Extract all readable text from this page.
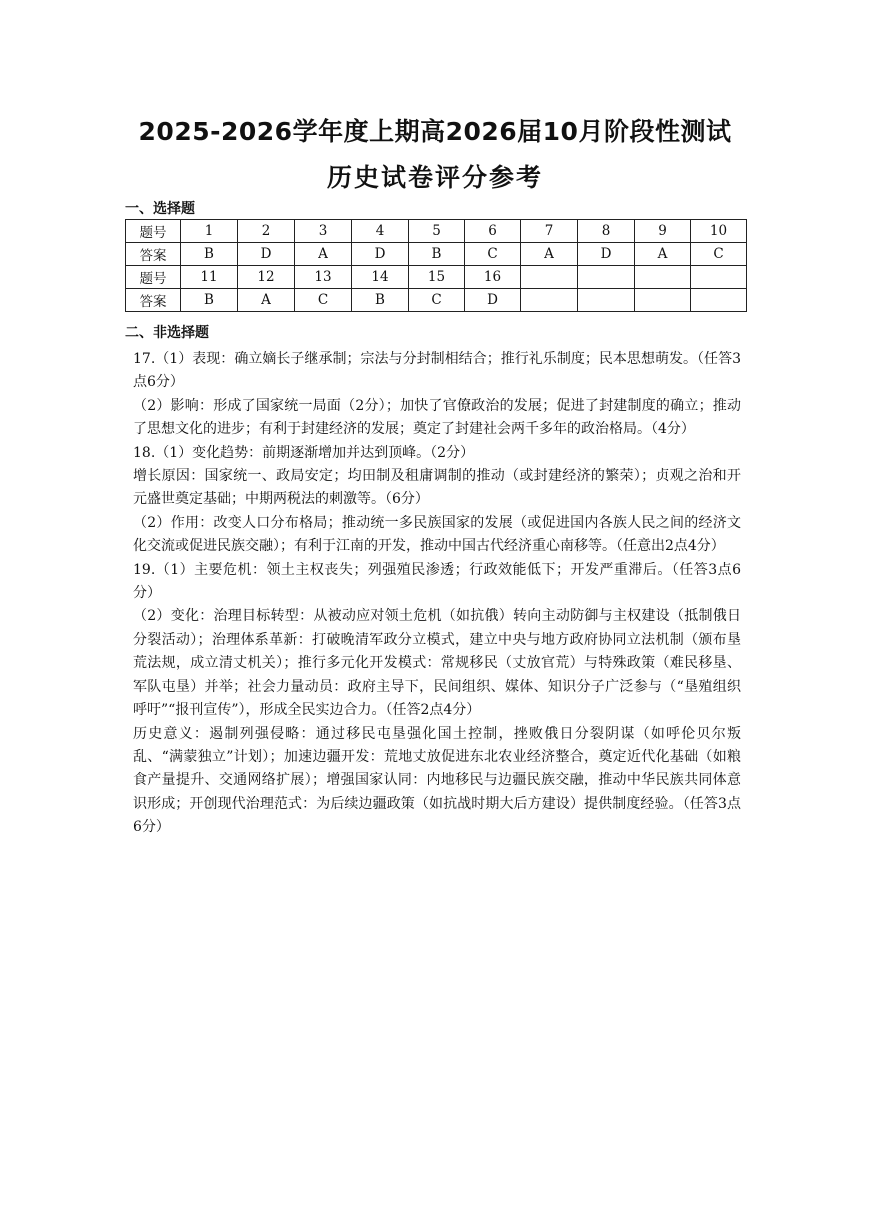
2025-2026学年度上期高2026届10月阶段性测试
历史试卷评分参考
一、选择题
题号	1	2	3	4	5	6	7	8	9	10
答案	B	D	A	D	B	C	A	D	A	C
题号	11	12	13	14	15	16				
答案	B	A	C	B	C	D				
二、非选择题

17.（1）表现：确立嫡长子继承制；宗法与分封制相结合；推行礼乐制度；民本思想萌发。（任答3点6分）

（2）影响：形成了国家统一局面（2分）；加快了官僚政治的发展；促进了封建制度的确立；推动了思想文化的进步；有利于封建经济的发展；奠定了封建社会两千多年的政治格局。（4分）

18.（1）变化趋势：前期逐渐增加并达到顶峰。（2分）

增长原因：国家统一、政局安定；均田制及租庸调制的推动（或封建经济的繁荣）；贞观之治和开元盛世奠定基础；中期两税法的刺激等。（6分）

（2）作用：改变人口分布格局；推动统一多民族国家的发展（或促进国内各族人民之间的经济文化交流或促进民族交融）；有利于江南的开发，推动中国古代经济重心南移等。（任意出2点4分）

19.（1）主要危机：领土主权丧失；列强殖民渗透；行政效能低下；开发严重滞后。（任答3点6分）

（2）变化：治理目标转型：从被动应对领土危机（如抗俄）转向主动防御与主权建设（抵制俄日分裂活动）；治理体系革新：打破晚清军政分立模式，建立中央与地方政府协同立法机制（颁布垦荒法规，成立清丈机关）；推行多元化开发模式：常规移民（丈放官荒）与特殊政策（难民移垦、军队屯垦）并举；社会力量动员：政府主导下，民间组织、媒体、知识分子广泛参与（“垦殖组织呼吁”“报刊宣传”），形成全民实边合力。（任答2点4分）

历史意义：遏制列强侵略：通过移民屯垦强化国土控制，挫败俄日分裂阴谋（如呼伦贝尔叛乱、“满蒙独立”计划）；加速边疆开发：荒地丈放促进东北农业经济整合，奠定近代化基础（如粮食产量提升、交通网络扩展）；增强国家认同：内地移民与边疆民族交融，推动中华民族共同体意识形成；开创现代治理范式：为后续边疆政策（如抗战时期大后方建设）提供制度经验。（任答3点6分）
